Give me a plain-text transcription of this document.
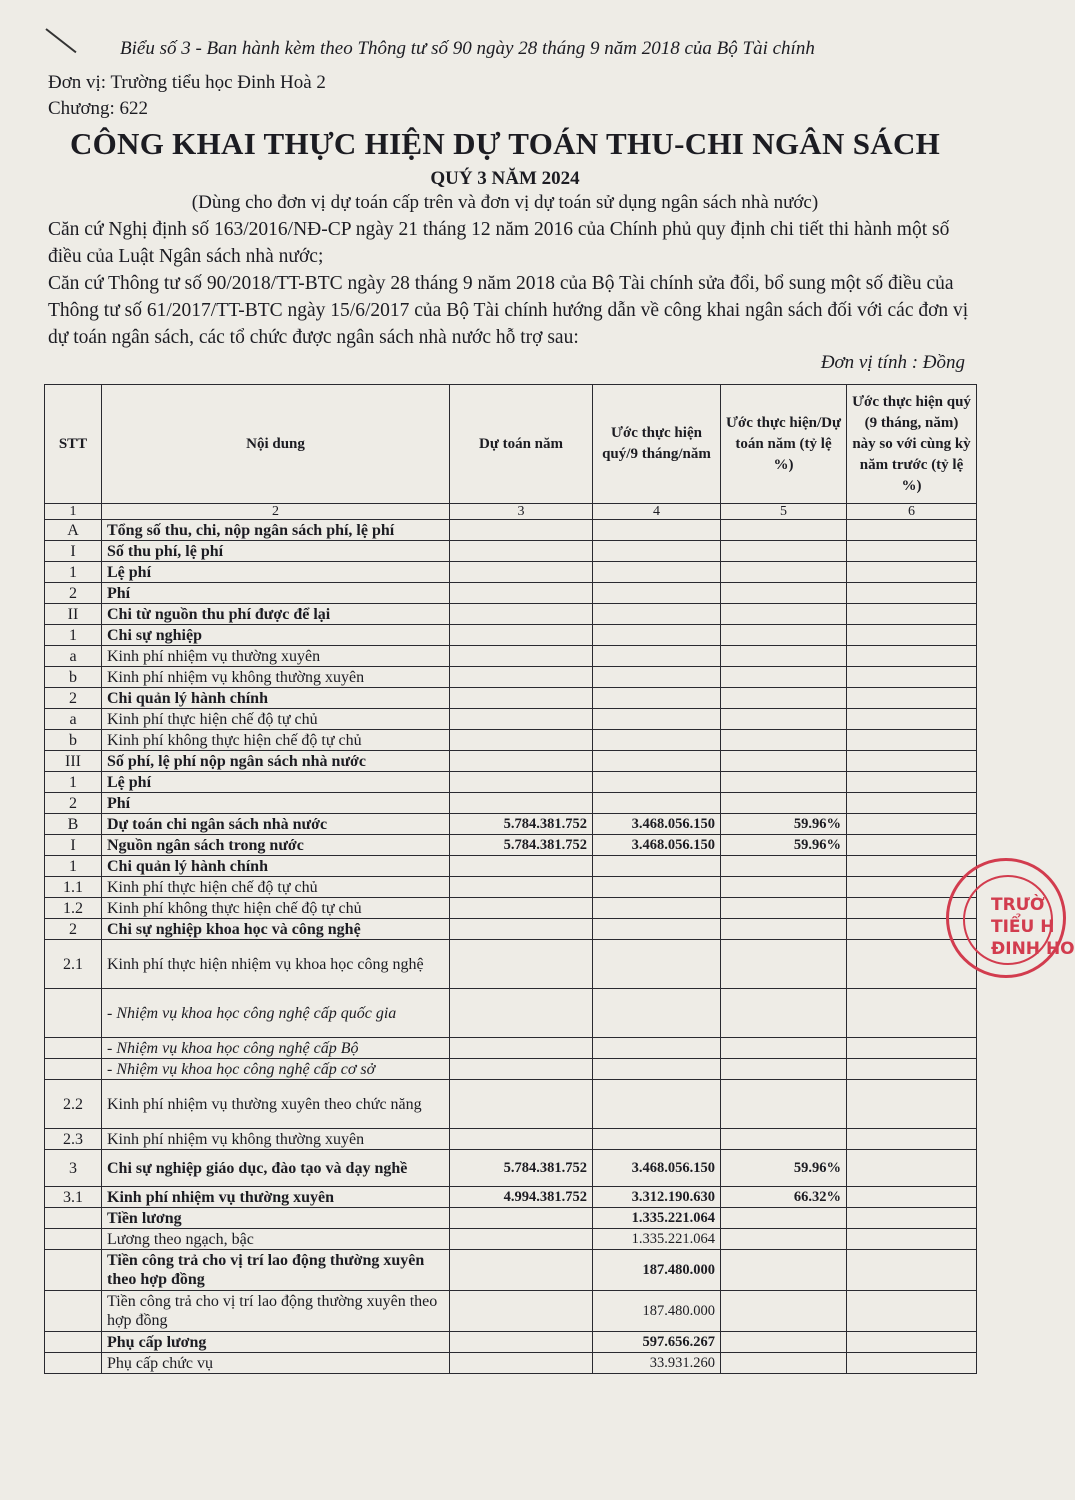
Biểu số 3 - Ban hành kèm theo Thông tư số 90 ngày 28 tháng 9 năm 2018 của Bộ Tài chính
Đơn vị: Trường tiểu học Đinh Hoà 2
Chương: 622
CÔNG KHAI THỰC HIỆN DỰ TOÁN THU-CHI NGÂN SÁCH
QUÝ 3 NĂM 2024
(Dùng cho đơn vị dự toán cấp trên và đơn vị dự toán sử dụng ngân sách nhà nước)
Căn cứ Nghị định số 163/2016/NĐ-CP ngày 21 tháng 12 năm 2016 của Chính phủ quy định chi tiết thi hành một số điều của Luật Ngân sách nhà nước;
Căn cứ Thông tư số 90/2018/TT-BTC ngày 28 tháng 9 năm 2018 của Bộ Tài chính sửa đổi, bổ sung một số điều của Thông tư số 61/2017/TT-BTC ngày 15/6/2017 của Bộ Tài chính hướng dẫn về công khai ngân sách đối với các đơn vị dự toán ngân sách, các tổ chức được ngân sách nhà nước hỗ trợ sau:
Đơn vị tính : Đồng
STT	Nội dung	Dự toán năm	Ước thực hiện quý/9 tháng/năm	Ước thực hiện/Dự toán năm (tỷ lệ %)	Ước thực hiện quý (9 tháng, năm) này so với cùng kỳ năm trước (tỷ lệ %)
1	2	3	4	5	6
A	Tổng số thu, chi, nộp ngân sách phí, lệ phí				
I	Số thu phí, lệ phí				
1	Lệ phí				
2	Phí				
II	Chi từ nguồn thu phí được để lại				
1	Chi sự nghiệp				
a	Kinh phí nhiệm vụ thường xuyên				
b	Kinh phí nhiệm vụ không thường xuyên				
2	Chi quản lý hành chính				
a	Kinh phí thực hiện chế độ tự chủ				
b	Kinh phí không thực hiện chế độ tự chủ				
III	Số phí, lệ phí nộp ngân sách nhà nước				
1	Lệ phí				
2	Phí				
B	Dự toán chi ngân sách nhà nước	5.784.381.752	3.468.056.150	59.96%	
I	Nguồn ngân sách trong nước	5.784.381.752	3.468.056.150	59.96%	
1	Chi quản lý hành chính				
1.1	Kinh phí thực hiện chế độ tự chủ				
1.2	Kinh phí không thực hiện chế độ tự chủ				
2	Chi sự nghiệp khoa học và công nghệ				
2.1	Kinh phí thực hiện nhiệm vụ khoa học công nghệ				
	- Nhiệm vụ khoa học công nghệ cấp quốc gia				
	- Nhiệm vụ khoa học công nghệ cấp Bộ				
	- Nhiệm vụ khoa học công nghệ cấp cơ sở				
2.2	Kinh phí nhiệm vụ thường xuyên theo chức năng				
2.3	Kinh phí nhiệm vụ không thường xuyên				
3	Chi sự nghiệp giáo dục, đào tạo và dạy nghề	5.784.381.752	3.468.056.150	59.96%	
3.1	Kinh phí nhiệm vụ thường xuyên	4.994.381.752	3.312.190.630	66.32%	
	Tiền lương		1.335.221.064		
	Lương theo ngạch, bậc		1.335.221.064		
	Tiền công trả cho vị trí lao động thường xuyên theo hợp đồng		187.480.000		
	Tiền công trả cho vị trí lao động thường xuyên theo hợp đồng		187.480.000		
	Phụ cấp lương		597.656.267		
	Phụ cấp chức vụ		33.931.260		
TRƯỜ
TIỂU H
ĐINH HO
